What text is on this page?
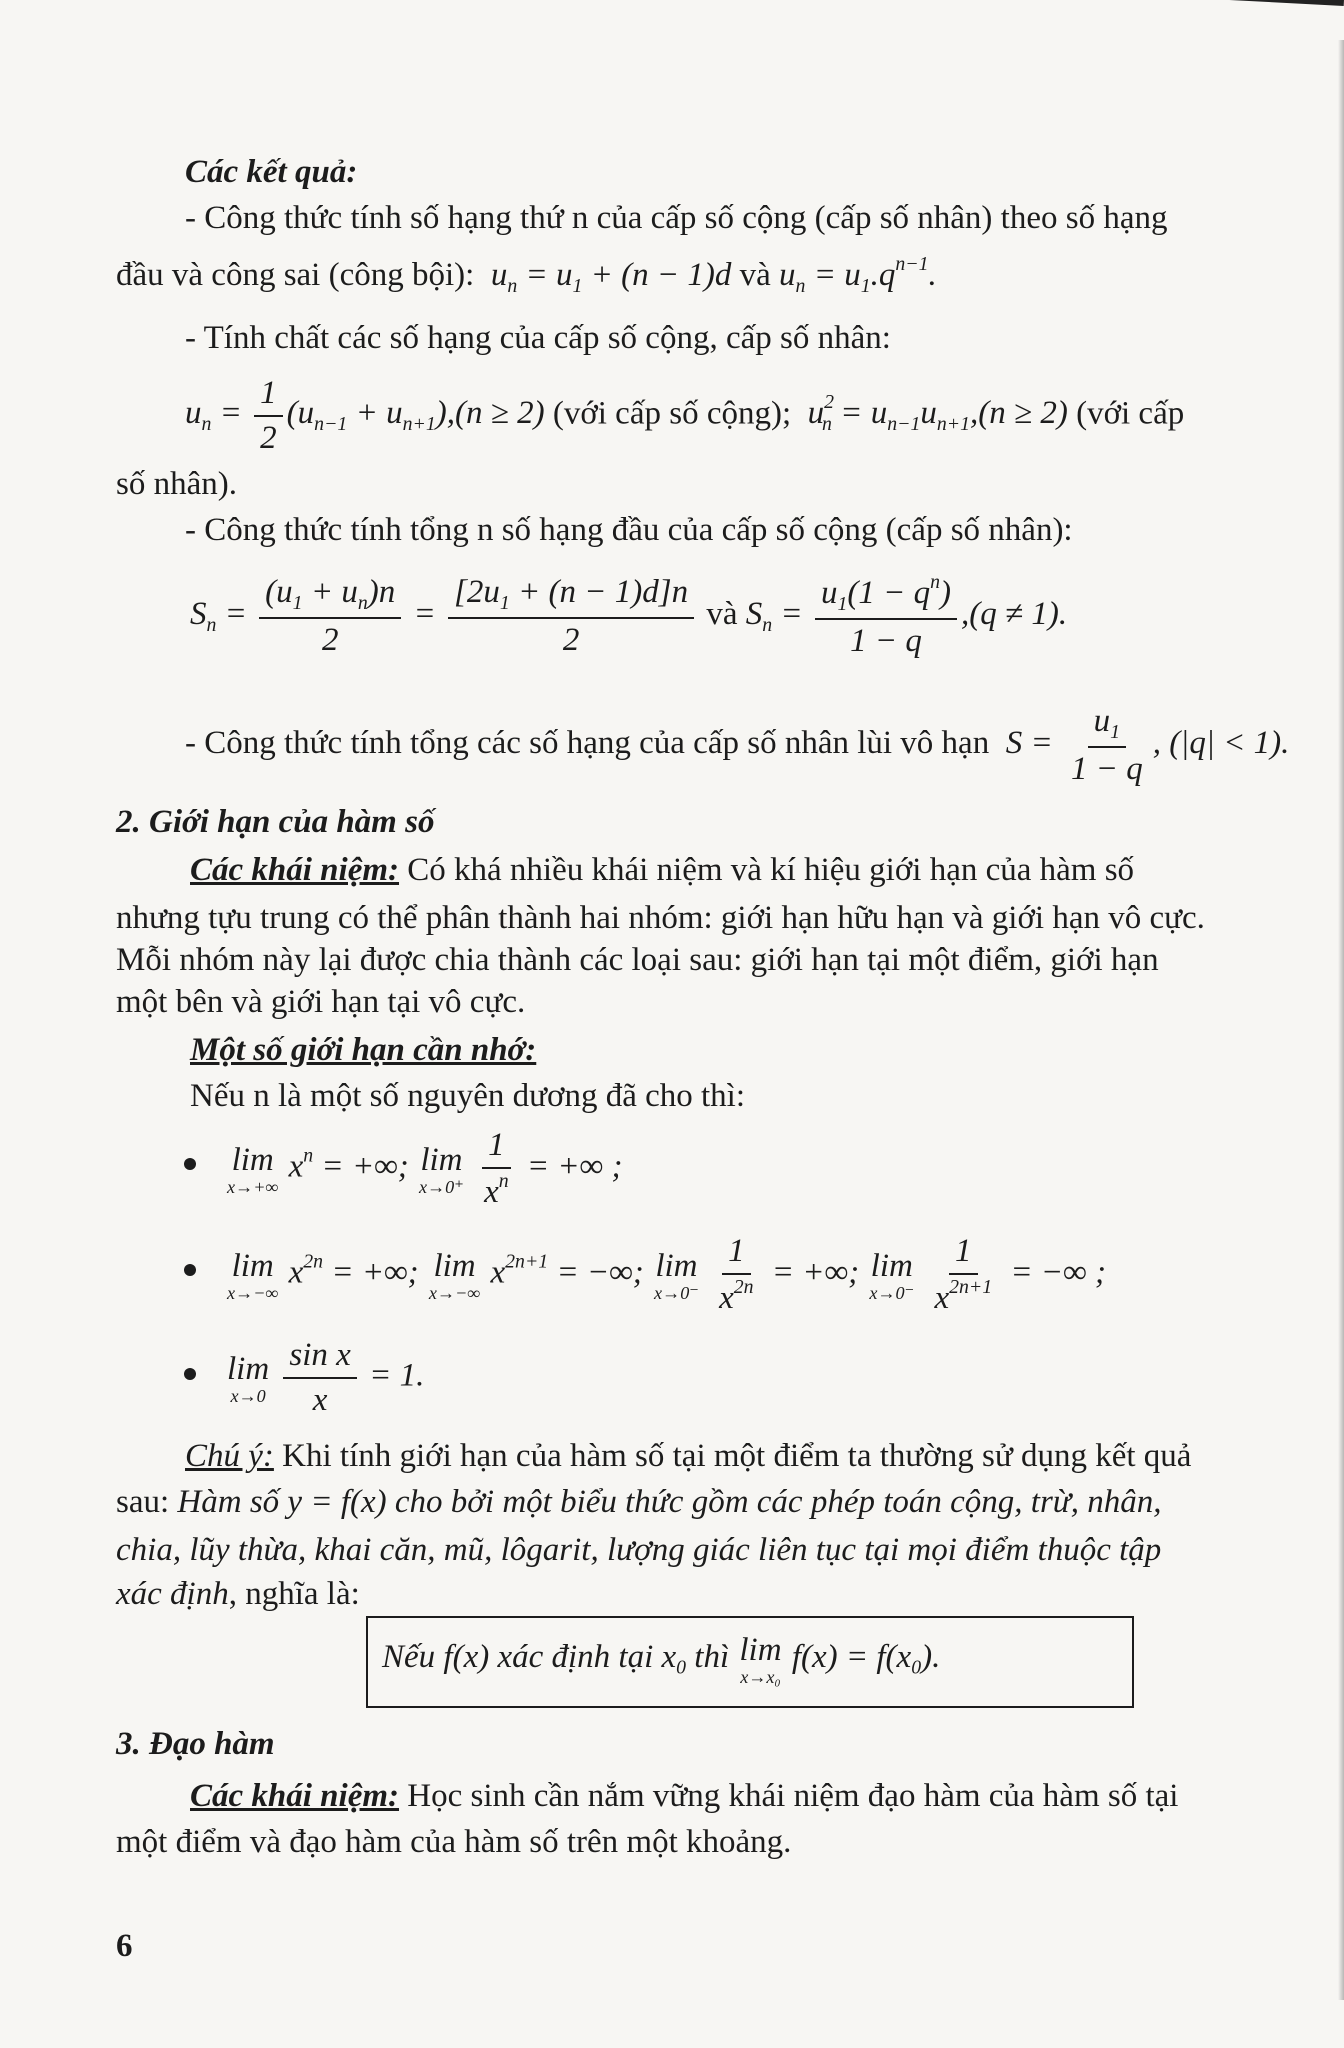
Các kết quả:
- Công thức tính số hạng thứ n của cấp số cộng (cấp số nhân) theo số hạng
đầu và công sai (công bội):  $u_n = u_1 + (n - 1)d$ và $u_n = u_1.q^{n-1}$.
- Tính chất các số hạng của cấp số cộng, cấp số nhân:
$u_n = \frac{1}{2} (u_{n-1} + u_{n+1}),(n \ge 2)$ (với cấp số cộng);  $u^2_n = u_{n-1}u_{n+1},(n \ge 2)$ (với cấp
số nhân).
- Công thức tính tổng n số hạng đầu của cấp số cộng (cấp số nhân):
$S_n = \frac{(u_1 + u_n)n}{2} = \frac{[2u_1 + (n - 1)d]n}{2}$ và $S_n = \frac{u_1(1 - q^n)}{1 - q} ,(q \ne 1)$.
- Công thức tính tổng các số hạng của cấp số nhân lùi vô hạn  $S = \frac{u_1}{1 - q}$ , (|q| < 1).
2. Giới hạn của hàm số
Các khái niệm: Có khá nhiều khái niệm và kí hiệu giới hạn của hàm số
nhưng tựu trung có thể phân thành hai nhóm: giới hạn hữu hạn và giới hạn vô cực.
Mỗi nhóm này lại được chia thành các loại sau: giới hạn tại một điểm, giới hạn
một bên và giới hạn tại vô cực.
Một số giới hạn cần nhớ:
Nếu n là một số nguyên dương đã cho thì:
lim
x→+∞
$x^n$ = +∞; lim
x→0⁺
$\frac{1}{x^n}$ = +∞ ;
lim
x→−∞
$x^{2n}$ = +∞; lim
x→−∞
$x^{2n+1}$ = −∞; lim
x→0⁻
$\frac{1}{x^{2n}}$ = +∞; lim
x→0⁻
$\frac{1}{x^{2n+1}}$ = −∞ ;
lim
x→0
$\frac{\text{sin x}}{x} = 1$.
Chú ý: Khi tính giới hạn của hàm số tại một điểm ta thường sử dụng kết quả
sau: Hàm số y = f(x) cho bởi một biểu thức gồm các phép toán cộng, trừ, nhân,
chia, lũy thừa, khai căn, mũ, lôgarit, lượng giác liên tục tại mọi điểm thuộc tập
xác định, nghĩa là:
Nếu f(x) xác định tại $x_0$ thì lim
x→x₀
$f(x) = f(x_0)$.
3. Đạo hàm
Các khái niệm: Học sinh cần nắm vững khái niệm đạo hàm của hàm số tại
một điểm và đạo hàm của hàm số trên một khoảng.
6
